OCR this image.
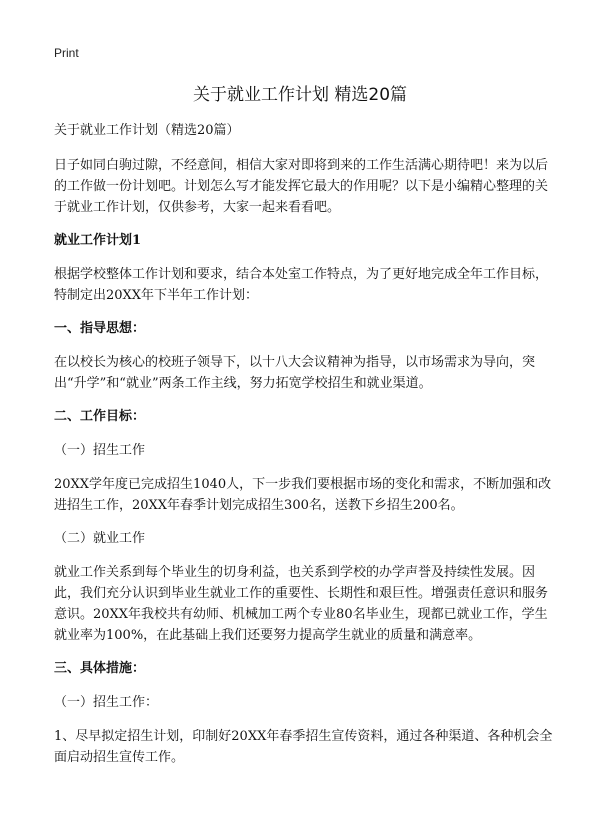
Print
关于就业工作计划 精选20篇

关于就业工作计划（精选20篇）

日子如同白驹过隙，不经意间，相信大家对即将到来的工作生活满心期待吧！来为以后的工作做一份计划吧。计划怎么写才能发挥它最大的作用呢？以下是小编精心整理的关于就业工作计划，仅供参考，大家一起来看看吧。

就业工作计划1

根据学校整体工作计划和要求，结合本处室工作特点，为了更好地完成全年工作目标，特制定出20XX年下半年工作计划：

一、指导思想：

在以校长为核心的校班子领导下，以十八大会议精神为指导，以市场需求为导向，突出“升学”和“就业”两条工作主线，努力拓宽学校招生和就业渠道。

二、工作目标：

（一）招生工作

20XX学年度已完成招生1040人，下一步我们要根据市场的变化和需求，不断加强和改进招生工作，20XX年春季计划完成招生300名，送教下乡招生200名。

（二）就业工作

就业工作关系到每个毕业生的切身利益，也关系到学校的办学声誉及持续性发展。因此，我们充分认识到毕业生就业工作的重要性、长期性和艰巨性。增强责任意识和服务意识。20XX年我校共有幼师、机械加工两个专业80名毕业生，现都已就业工作，学生就业率为100%，在此基础上我们还要努力提高学生就业的质量和满意率。

三、具体措施：

（一）招生工作：

1、尽早拟定招生计划，印制好20XX年春季招生宣传资料，通过各种渠道、各种机会全面启动招生宣传工作。
